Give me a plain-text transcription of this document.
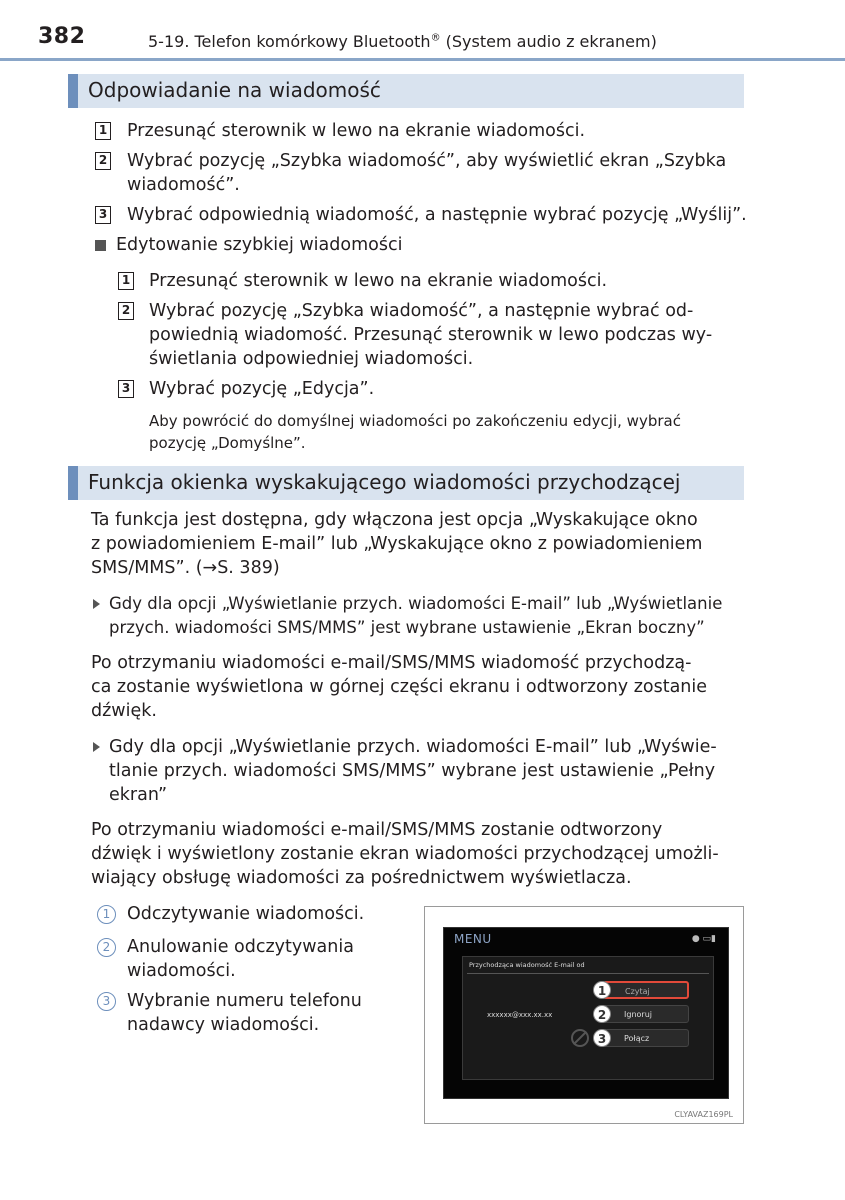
382	5-19. Telefon komórkowy Bluetooth® (System audio z ekranem)
Odpowiadanie na wiadomość
1 Przesunąć sterownik w lewo na ekranie wiadomości.
2 Wybrać pozycję „Szybka wiadomość”, aby wyświetlić ekran „Szybka
wiadomość”.
3 Wybrać odpowiednią wiadomość, a następnie wybrać pozycję „Wyślij”.
Edytowanie szybkiej wiadomości
1 Przesunąć sterownik w lewo na ekranie wiadomości.
2 Wybrać pozycję „Szybka wiadomość”, a następnie wybrać od-
powiednią wiadomość. Przesunąć sterownik w lewo podczas wy-
świetlania odpowiedniej wiadomości.
3 Wybrać pozycję „Edycja”.
Aby powrócić do domyślnej wiadomości po zakończeniu edycji, wybrać
pozycję „Domyślne”.
Funkcja okienka wyskakującego wiadomości przychodzącej
Ta funkcja jest dostępna, gdy włączona jest opcja „Wyskakujące okno
z powiadomieniem E-mail” lub „Wyskakujące okno z powiadomieniem
SMS/MMS”. (→S. 389)
Gdy dla opcji „Wyświetlanie przych. wiadomości E-mail” lub „Wyświetlanie
przych. wiadomości SMS/MMS” jest wybrane ustawienie „Ekran boczny”
Po otrzymaniu wiadomości e-mail/SMS/MMS wiadomość przychodzą-
ca zostanie wyświetlona w górnej części ekranu i odtworzony zostanie
dźwięk.
Gdy dla opcji „Wyświetlanie przych. wiadomości E-mail” lub „Wyświe-
tlanie przych. wiadomości SMS/MMS” wybrane jest ustawienie „Pełny
ekran”
Po otrzymaniu wiadomości e-mail/SMS/MMS zostanie odtworzony
dźwięk i wyświetlony zostanie ekran wiadomości przychodzącej umożli-
wiający obsługę wiadomości za pośrednictwem wyświetlacza.
1 Odczytywanie wiadomości.
2 Anulowanie odczytywania
wiadomości.
3 Wybranie numeru telefonu
nadawcy wiadomości.
MENU	● ▭▮
Przychodząca wiadomość E-mail od
xxxxxx@xxx.xx.xx
Czytaj
Ignoruj
Połącz
1
2
3
CLYAVAZ169PL
